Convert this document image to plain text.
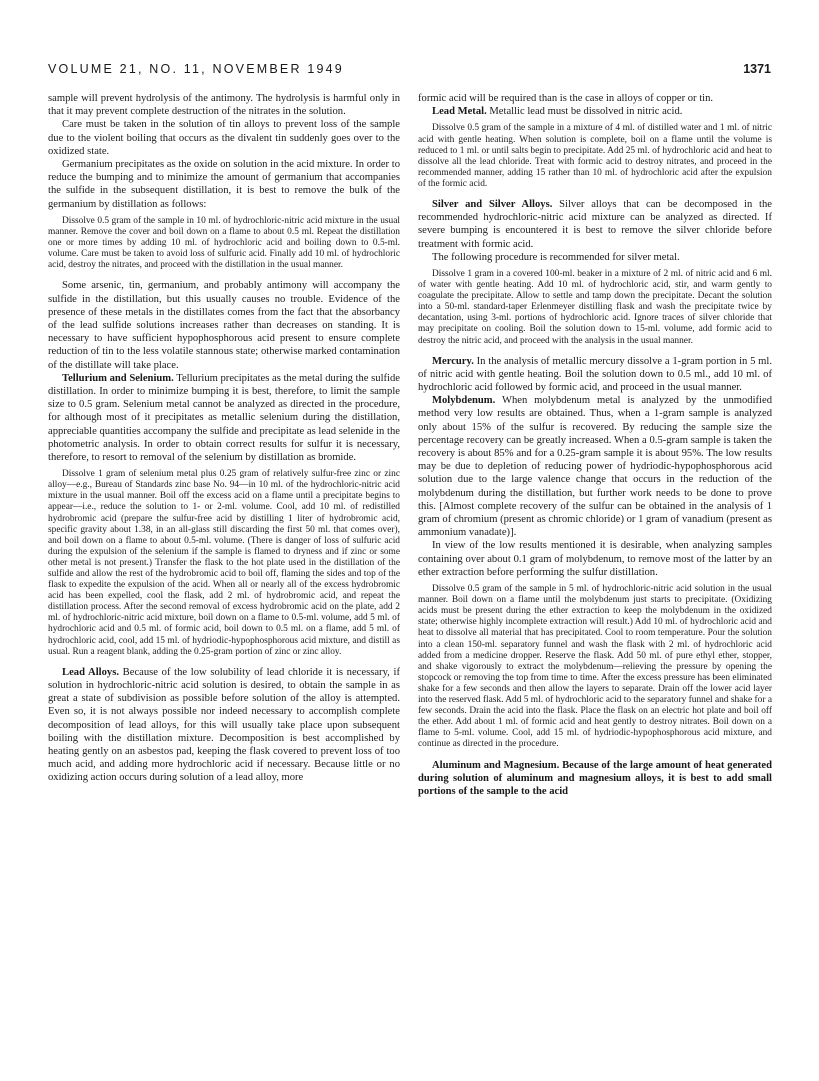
VOLUME 21, NO. 11, NOVEMBER 1949	1371

sample will prevent hydrolysis of the antimony. The hydrolysis is harmful only in that it may prevent complete destruction of the nitrates in the solution.

Care must be taken in the solution of tin alloys to prevent loss of the sample due to the violent boiling that occurs as the divalent tin suddenly goes over to the oxidized state.

Germanium precipitates as the oxide on solution in the acid mixture. In order to reduce the bumping and to minimize the amount of germanium that accompanies the sulfide in the subsequent distillation, it is best to remove the bulk of the germanium by distillation as follows:

Dissolve 0.5 gram of the sample in 10 ml. of hydrochloric-nitric acid mixture in the usual manner. Remove the cover and boil down on a flame to about 0.5 ml. Repeat the distillation one or more times by adding 10 ml. of hydrochloric acid and boiling down to 0.5-ml. volume. Care must be taken to avoid loss of sulfuric acid. Finally add 10 ml. of hydrochloric acid, destroy the nitrates, and proceed with the distillation in the usual manner.

Some arsenic, tin, germanium, and probably antimony will accompany the sulfide in the distillation, but this usually causes no trouble. Evidence of the presence of these metals in the distillates comes from the fact that the absorbancy of the lead sulfide solutions increases rather than decreases on standing. It is necessary to have sufficient hypophosphorous acid present to ensure complete reduction of tin to the less volatile stannous state; otherwise marked contamination of the distillate will take place.

Tellurium and Selenium. Tellurium precipitates as the metal during the sulfide distillation. In order to minimize bumping it is best, therefore, to limit the sample size to 0.5 gram. Selenium metal cannot be analyzed as directed in the procedure, for although most of it precipitates as metallic selenium during the distillation, appreciable quantities accompany the sulfide and precipitate as lead selenide in the photometric analysis. In order to obtain correct results for sulfur it is necessary, therefore, to resort to removal of the selenium by distillation as bromide.

Dissolve 1 gram of selenium metal plus 0.25 gram of relatively sulfur-free zinc or zinc alloy—e.g., Bureau of Standards zinc base No. 94—in 10 ml. of the hydrochloric-nitric acid mixture in the usual manner. Boil off the excess acid on a flame until a precipitate begins to appear—i.e., reduce the solution to 1- or 2-ml. volume. Cool, add 10 ml. of redistilled hydrobromic acid (prepare the sulfur-free acid by distilling 1 liter of hydrobromic acid, specific gravity about 1.38, in an all-glass still discarding the first 50 ml. that comes over), and boil down on a flame to about 0.5-ml. volume. (There is danger of loss of sulfuric acid during the expulsion of the selenium if the sample is flamed to dryness and if zinc or some other metal is not present.) Transfer the flask to the hot plate used in the distillation of the sulfide and allow the rest of the hydrobromic acid to boil off, flaming the sides and top of the flask to expedite the expulsion of the acid. When all or nearly all of the excess hydrobromic acid has been expelled, cool the flask, add 2 ml. of hydrobromic acid, and repeat the distillation process. After the second removal of excess hydrobromic acid on the plate, add 2 ml. of hydrochloric-nitric acid mixture, boil down on a flame to 0.5-ml. volume, add 5 ml. of hydrochloric acid and 0.5 ml. of formic acid, boil down to 0.5 ml. on a flame, add 5 ml. of hydrochloric acid, cool, add 15 ml. of hydriodic-hypophosphorous acid mixture, and distill as usual. Run a reagent blank, adding the 0.25-gram portion of zinc or zinc alloy.

Lead Alloys. Because of the low solubility of lead chloride it is necessary, if solution in hydrochloric-nitric acid solution is desired, to obtain the sample in as great a state of subdivision as possible before solution of the alloy is attempted. Even so, it is not always possible nor indeed necessary to accomplish complete decomposition of lead alloys, for this will usually take place upon subsequent boiling with the distillation mixture. Decomposition is best accomplished by heating gently on an asbestos pad, keeping the flask covered to prevent loss of too much acid, and adding more hydrochloric acid if necessary. Because little or no oxidizing action occurs during solution of a lead alloy, more

formic acid will be required than is the case in alloys of copper or tin.

Lead Metal. Metallic lead must be dissolved in nitric acid.

Dissolve 0.5 gram of the sample in a mixture of 4 ml. of distilled water and 1 ml. of nitric acid with gentle heating. When solution is complete, boil on a flame until the volume is reduced to 1 ml. or until salts begin to precipitate. Add 25 ml. of hydrochloric acid and heat to dissolve all the lead chloride. Treat with formic acid to destroy nitrates, and proceed in the recommended manner, adding 15 rather than 10 ml. of hydrochloric acid after the expulsion of the formic acid.

Silver and Silver Alloys. Silver alloys that can be decomposed in the recommended hydrochloric-nitric acid mixture can be analyzed as directed. If severe bumping is encountered it is best to remove the silver chloride before treatment with formic acid.

The following procedure is recommended for silver metal.

Dissolve 1 gram in a covered 100-ml. beaker in a mixture of 2 ml. of nitric acid and 6 ml. of water with gentle heating. Add 10 ml. of hydrochloric acid, stir, and warm gently to coagulate the precipitate. Allow to settle and tamp down the precipitate. Decant the solution into a 50-ml. standard-taper Erlenmeyer distilling flask and wash the precipitate twice by decantation, using 3-ml. portions of hydrochloric acid. Ignore traces of silver chloride that may precipitate on cooling. Boil the solution down to 15-ml. volume, add formic acid to destroy the nitric acid, and proceed with the analysis in the usual manner.

Mercury. In the analysis of metallic mercury dissolve a 1-gram portion in 5 ml. of nitric acid with gentle heating. Boil the solution down to 0.5 ml., add 10 ml. of hydrochloric acid followed by formic acid, and proceed in the usual manner.

Molybdenum. When molybdenum metal is analyzed by the unmodified method very low results are obtained. Thus, when a 1-gram sample is analyzed only about 15% of the sulfur is recovered. By reducing the sample size the percentage recovery can be greatly increased. When a 0.5-gram sample is taken the recovery is about 85% and for a 0.25-gram sample it is about 95%. The low results may be due to depletion of reducing power of hydriodic-hypophosphorous acid solution due to the large valence change that occurs in the reduction of the molybdenum during the distillation, but further work needs to be done to prove this. [Almost complete recovery of the sulfur can be obtained in the analysis of 1 gram of chromium (present as chromic chloride) or 1 gram of vanadium (present as ammonium vanadate)].

In view of the low results mentioned it is desirable, when analyzing samples containing over about 0.1 gram of molybdenum, to remove most of the latter by an ether extraction before performing the sulfur distillation.

Dissolve 0.5 gram of the sample in 5 ml. of hydrochloric-nitric acid solution in the usual manner. Boil down on a flame until the molybdenum just starts to precipitate. (Oxidizing acids must be present during the ether extraction to keep the molybdenum in the oxidized state; otherwise highly incomplete extraction will result.) Add 10 ml. of hydrochloric acid and heat to dissolve all material that has precipitated. Cool to room temperature. Pour the solution into a clean 150-ml. separatory funnel and wash the flask with 2 ml. of hydrochloric acid added from a medicine dropper. Reserve the flask. Add 50 ml. of pure ethyl ether, stopper, and shake vigorously to extract the molybdenum—relieving the pressure by opening the stopcock or removing the top from time to time. After the excess pressure has been eliminated shake for a few seconds and then allow the layers to separate. Drain off the lower acid layer into the reserved flask. Add 5 ml. of hydrochloric acid to the separatory funnel and shake for a few seconds. Drain the acid into the flask. Place the flask on an electric hot plate and boil off the ether. Add about 1 ml. of formic acid and heat gently to destroy nitrates. Boil down on a flame to 5-ml. volume. Cool, add 15 ml. of hydriodic-hypophosphorous acid mixture, and continue as directed in the procedure.

Aluminum and Magnesium. Because of the large amount of heat generated during solution of aluminum and magnesium alloys, it is best to add small portions of the sample to the acid
